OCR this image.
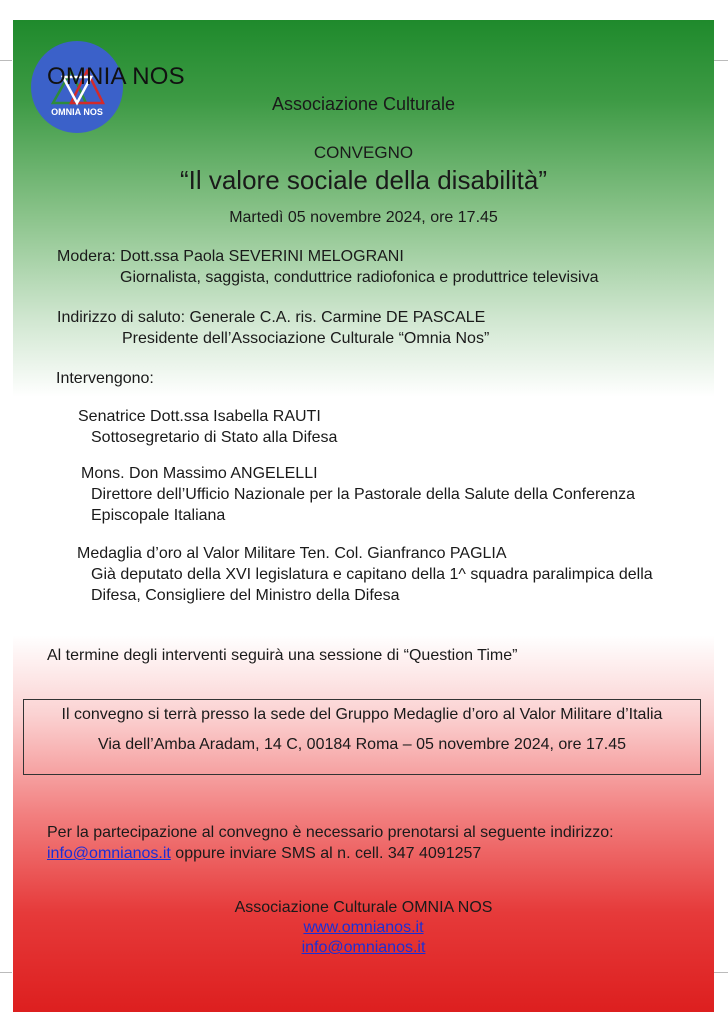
OMNIA NOS
OMNIA NOS
Associazione Culturale
CONVEGNO
“Il valore sociale della disabilità”
Martedì 05 novembre 2024, ore 17.45
Modera: Dott.ssa Paola SEVERINI MELOGRANI
Giornalista, saggista, conduttrice radiofonica e produttrice televisiva
Indirizzo di saluto: Generale C.A. ris. Carmine DE PASCALE
Presidente dell’Associazione Culturale “Omnia Nos”
Intervengono:
Senatrice Dott.ssa Isabella RAUTI
Sottosegretario di Stato alla Difesa
Mons. Don Massimo ANGELELLI
Direttore dell’Ufficio Nazionale per la Pastorale della Salute della Conferenza
Episcopale Italiana
Medaglia d’oro al Valor Militare Ten. Col. Gianfranco PAGLIA
Già deputato della XVI legislatura e capitano della 1^ squadra paralimpica della
Difesa, Consigliere del Ministro della Difesa
Al termine degli interventi seguirà una sessione di “Question Time”
Il convegno si terrà presso la sede del Gruppo Medaglie d’oro al Valor Militare d’Italia
Via dell’Amba Aradam, 14 C, 00184 Roma – 05 novembre 2024, ore 17.45
Per la partecipazione al convegno è necessario prenotarsi al seguente indirizzo:
info@omnianos.it oppure inviare SMS al n. cell. 347 4091257
Associazione Culturale OMNIA NOS
www.omnianos.it
info@omnianos.it
